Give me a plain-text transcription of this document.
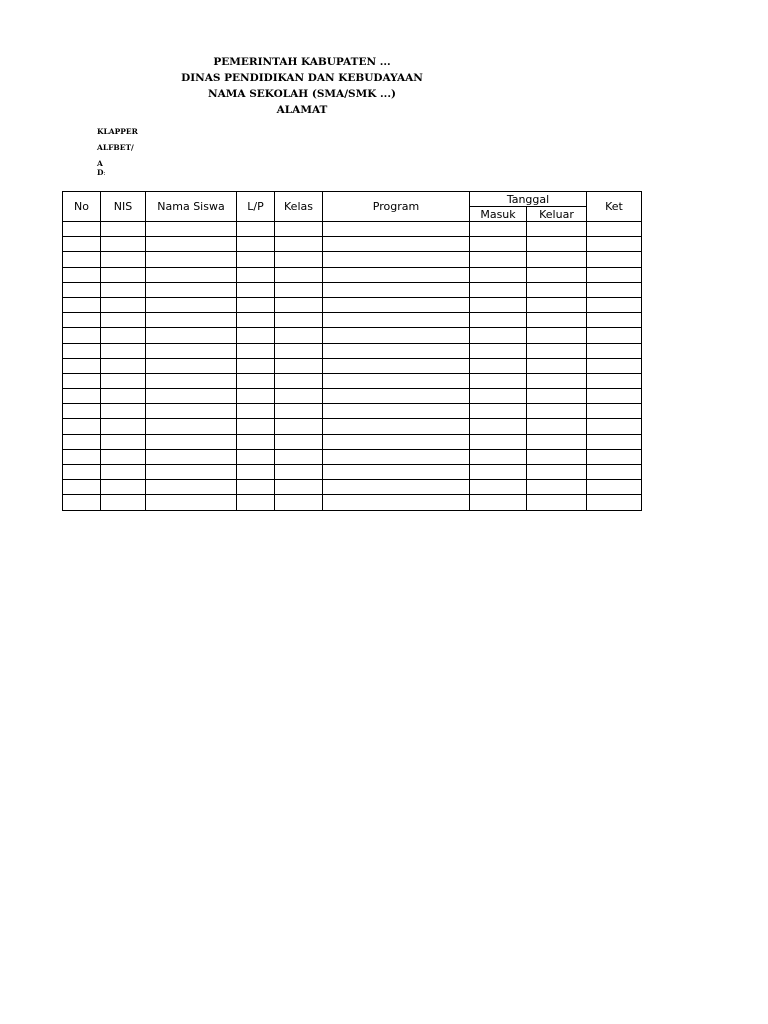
PEMERINTAH KABUPATEN ...
DINAS PENDIDIKAN DAN KEBUDAYAAN
NAMA SEKOLAH (SMA/SMK ...)
ALAMAT
KLAPPER
ALFBET/
A
D:
No	NIS	Nama Siswa	L/P	Kelas	Program	Tanggal		Ket
						Masuk	Keluar	
